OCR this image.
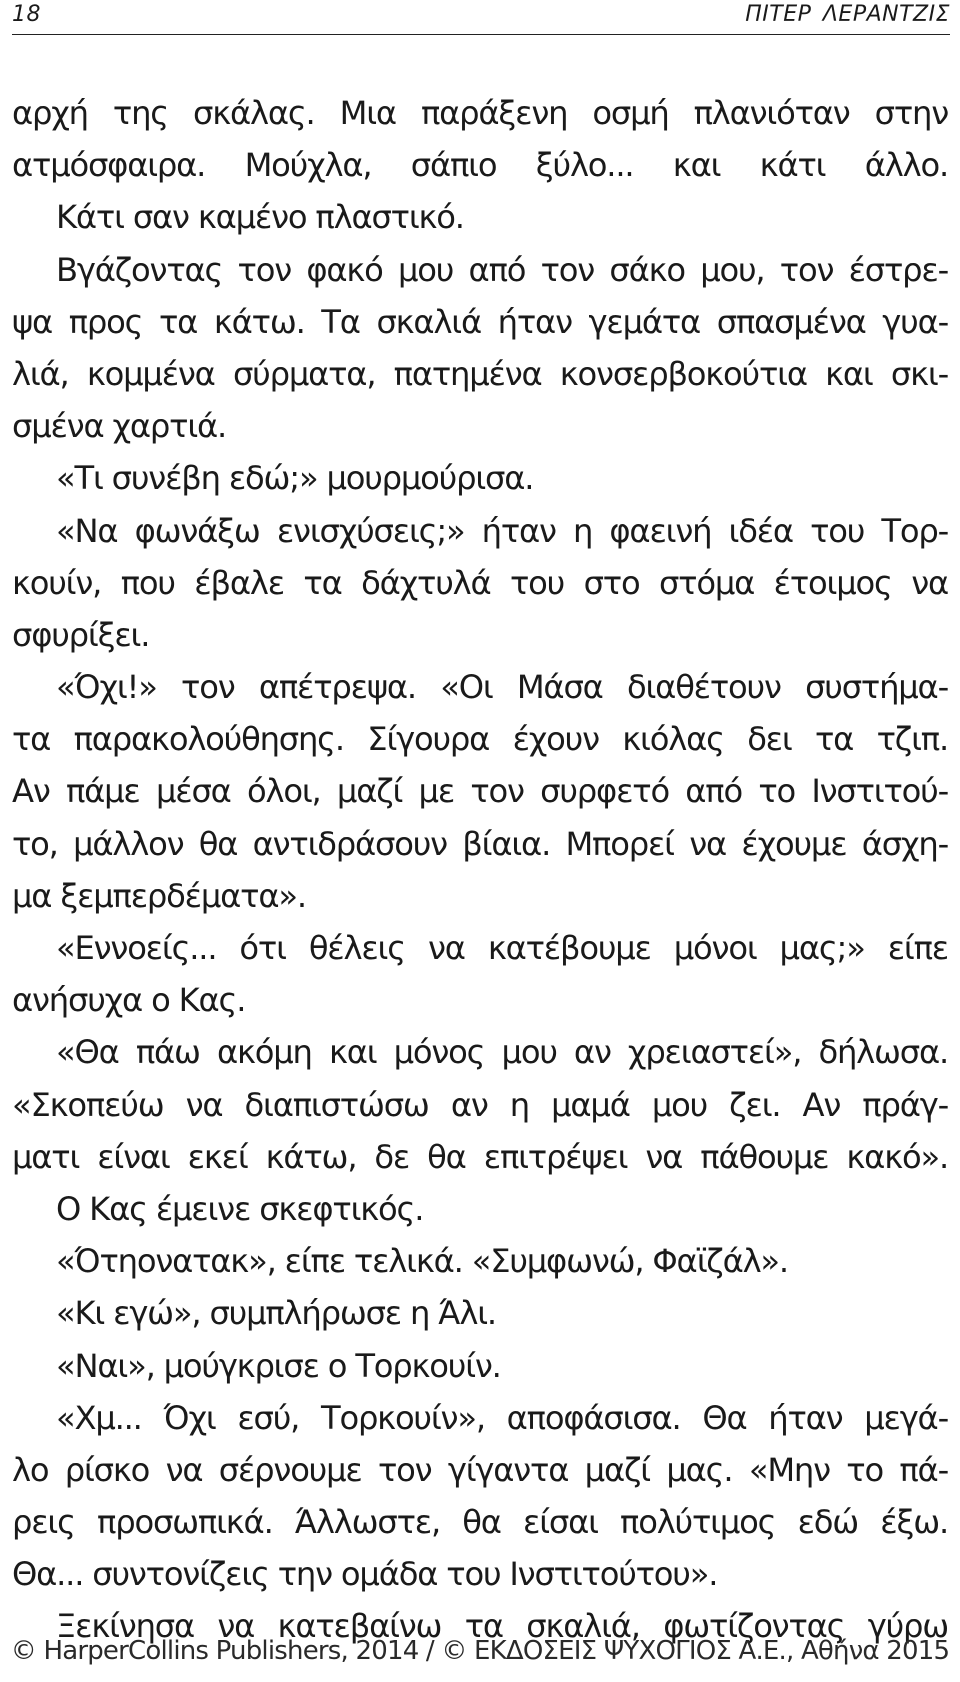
18	ΠΙΤΕΡ ΛΕΡΑΝΤΖΙΣ
αρχή της σκάλας. Μια παράξενη οσμή πλανιόταν στην
ατμόσφαιρα. Μούχλα, σάπιο ξύλο... και κάτι άλλο.
Κάτι σαν καμένο πλαστικό.
Βγάζοντας τον φακό μου από τον σάκο μου, τον έστρε-
ψα προς τα κάτω. Τα σκαλιά ήταν γεμάτα σπασμένα γυα-
λιά, κομμένα σύρματα, πατημένα κονσερβοκούτια και σκι-
σμένα χαρτιά.
«Τι συνέβη εδώ;» μουρμούρισα.
«Να φωνάξω ενισχύσεις;» ήταν η φαεινή ιδέα του Τορ-
κουίν, που έβαλε τα δάχτυλά του στο στόμα έτοιμος να
σφυρίξει.
«Όχι!» τον απέτρεψα. «Οι Μάσα διαθέτουν συστήμα-
τα παρακολούθησης. Σίγουρα έχουν κιόλας δει τα τζιπ.
Αν πάμε μέσα όλοι, μαζί με τον συρφετό από το Ινστιτού-
το, μάλλον θα αντιδράσουν βίαια. Μπορεί να έχουμε άσχη-
μα ξεμπερδέματα».
«Εννοείς... ότι θέλεις να κατέβουμε μόνοι μας;» είπε
ανήσυχα ο Κας.
«Θα πάω ακόμη και μόνος μου αν χρειαστεί», δήλωσα.
«Σκοπεύω να διαπιστώσω αν η μαμά μου ζει. Αν πράγ-
ματι είναι εκεί κάτω, δε θα επιτρέψει να πάθουμε κακό».
Ο Κας έμεινε σκεφτικός.
«Ότηονατακ», είπε τελικά. «Συμφωνώ, Φαϊζάλ».
«Κι εγώ», συμπλήρωσε η Άλι.
«Ναι», μούγκρισε ο Τορκουίν.
«Χμ... Όχι εσύ, Τορκουίν», αποφάσισα. Θα ήταν μεγά-
λο ρίσκο να σέρνουμε τον γίγαντα μαζί μας. «Μην το πά-
ρεις προσωπικά. Άλλωστε, θα είσαι πολύτιμος εδώ έξω.
Θα... συντονίζεις την ομάδα του Ινστιτούτου».
Ξεκίνησα να κατεβαίνω τα σκαλιά, φωτίζοντας γύρω
© HarperCollins Publishers, 2014 / © ΕΚΔΟΣΕΙΣ ΨΥΧΟΓΙΟΣ Α.Ε., Αθήνα 2015
